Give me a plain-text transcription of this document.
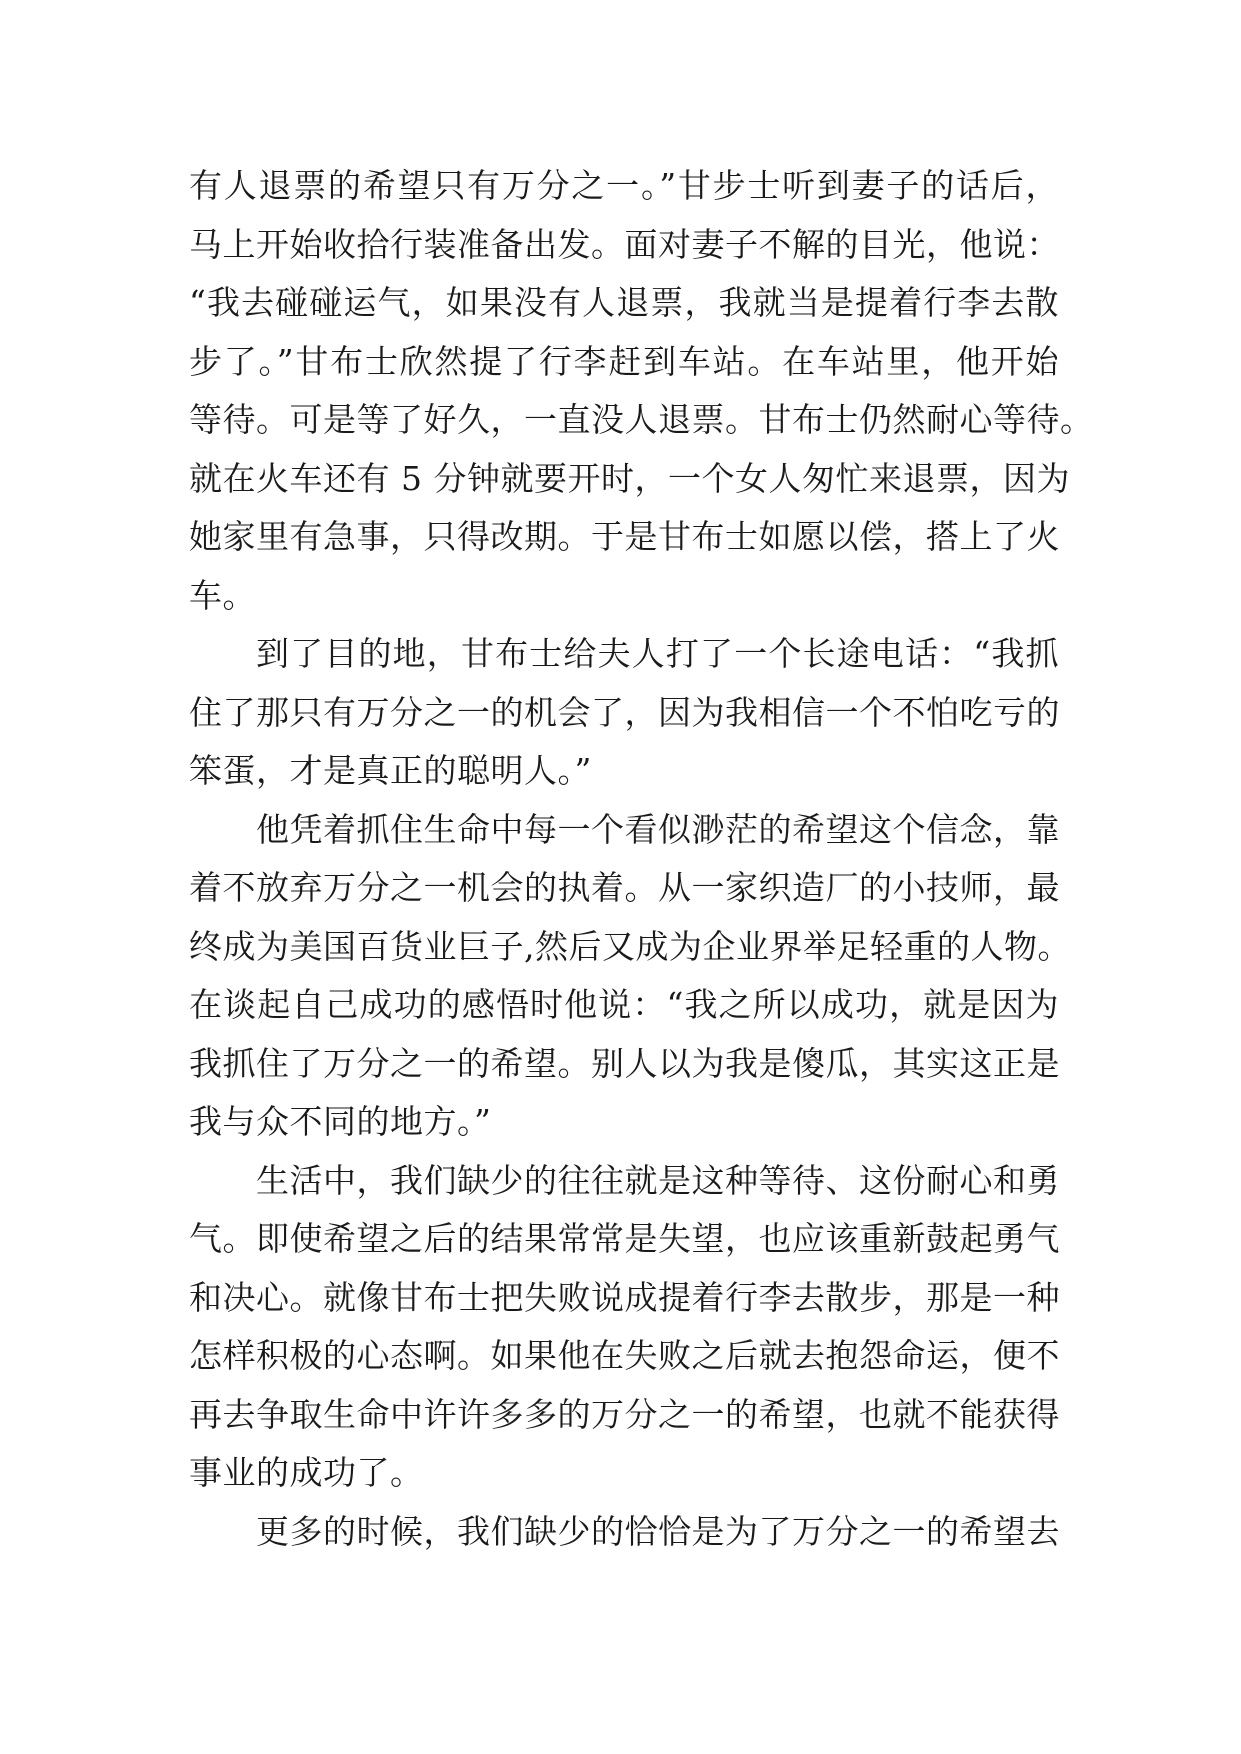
有人退票的希望只有万分之一。”甘步士听到妻子的话后，
马上开始收拾行装准备出发。面对妻子不解的目光，他说：
“我去碰碰运气，如果没有人退票，我就当是提着行李去散
步了。”甘布士欣然提了行李赶到车站。在车站里，他开始
等待。可是等了好久，一直没人退票。甘布士仍然耐心等待。
就在火车还有 5 分钟就要开时，一个女人匆忙来退票，因为
她家里有急事，只得改期。于是甘布士如愿以偿，搭上了火
车。
到了目的地，甘布士给夫人打了一个长途电话：“我抓
住了那只有万分之一的机会了，因为我相信一个不怕吃亏的
笨蛋，才是真正的聪明人。”
他凭着抓住生命中每一个看似渺茫的希望这个信念，靠
着不放弃万分之一机会的执着。从一家织造厂的小技师，最
终成为美国百货业巨子,然后又成为企业界举足轻重的人物。
在谈起自己成功的感悟时他说：“我之所以成功，就是因为
我抓住了万分之一的希望。别人以为我是傻瓜，其实这正是
我与众不同的地方。”
生活中，我们缺少的往往就是这种等待、这份耐心和勇
气。即使希望之后的结果常常是失望，也应该重新鼓起勇气
和决心。就像甘布士把失败说成提着行李去散步，那是一种
怎样积极的心态啊。如果他在失败之后就去抱怨命运，便不
再去争取生命中许许多多的万分之一的希望，也就不能获得
事业的成功了。
更多的时候，我们缺少的恰恰是为了万分之一的希望去
